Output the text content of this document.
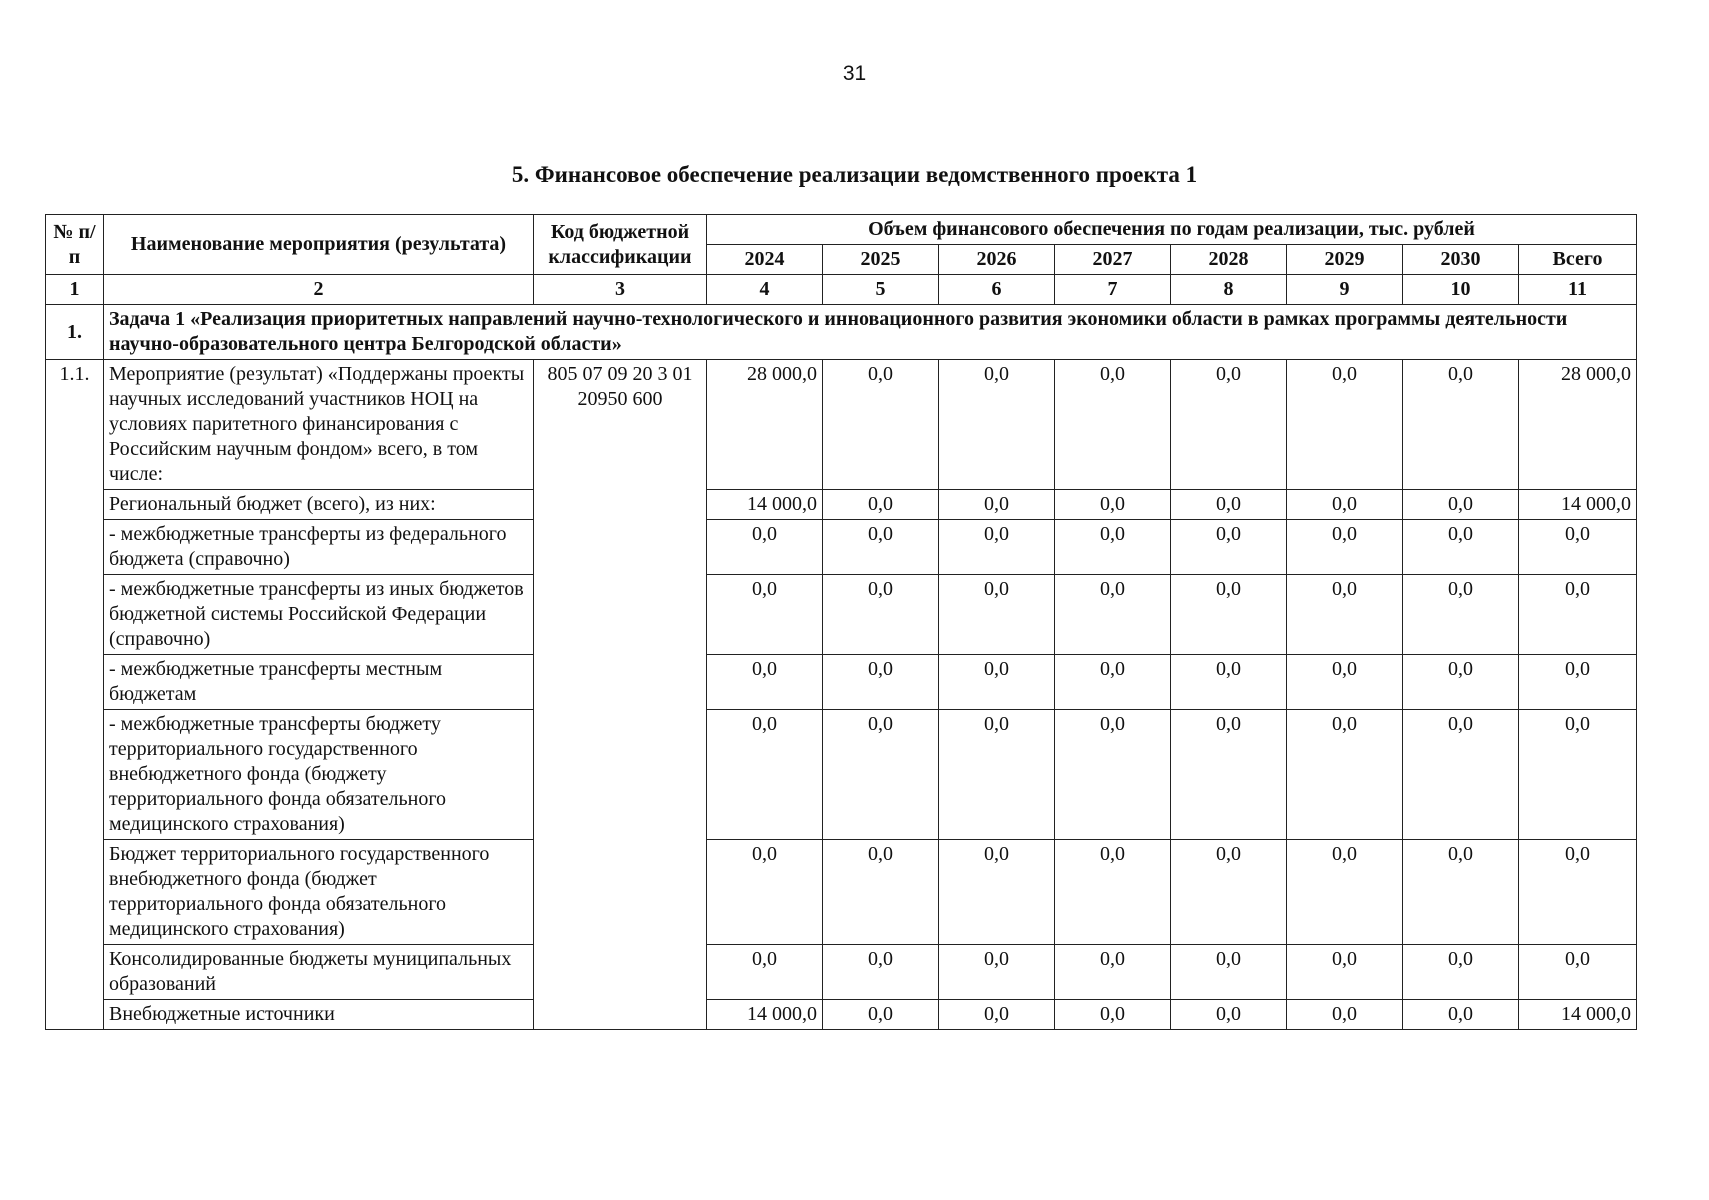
31
5. Финансовое обеспечение реализации ведомственного проекта 1
№ п/п	Наименование мероприятия (результата)	Код бюджетной классификации	Объем финансового обеспечения по годам реализации, тыс. рублей							
			2024	2025	2026	2027	2028	2029	2030	Всего
1	2	3	4	5	6	7	8	9	10	11
1.	Задача 1 «Реализация приоритетных направлений научно-технологического и инновационного развития экономики области в рамках программы деятельности научно-образовательного центра Белгородской области»									
1.1.	Мероприятие (результат) «Поддержаны проекты научных исследований участников НОЦ на условиях паритетного финансирования с Российским научным фондом» всего, в том числе:	805 07 09 20 3 01 20950 600	28 000,0	0,0	0,0	0,0	0,0	0,0	0,0	28 000,0
	Региональный бюджет (всего), из них:		14 000,0	0,0	0,0	0,0	0,0	0,0	0,0	14 000,0
	- межбюджетные трансферты из федерального бюджета (справочно)		0,0	0,0	0,0	0,0	0,0	0,0	0,0	0,0
	- межбюджетные трансферты из иных бюджетов бюджетной системы Российской Федерации (справочно)		0,0	0,0	0,0	0,0	0,0	0,0	0,0	0,0
	- межбюджетные трансферты местным бюджетам		0,0	0,0	0,0	0,0	0,0	0,0	0,0	0,0
	- межбюджетные трансферты бюджету территориального государственного внебюджетного фонда (бюджету территориального фонда обязательного медицинского страхования)		0,0	0,0	0,0	0,0	0,0	0,0	0,0	0,0
	Бюджет территориального государственного внебюджетного фонда (бюджет территориального фонда обязательного медицинского страхования)		0,0	0,0	0,0	0,0	0,0	0,0	0,0	0,0
	Консолидированные бюджеты муниципальных образований		0,0	0,0	0,0	0,0	0,0	0,0	0,0	0,0
	Внебюджетные источники		14 000,0	0,0	0,0	0,0	0,0	0,0	0,0	14 000,0
